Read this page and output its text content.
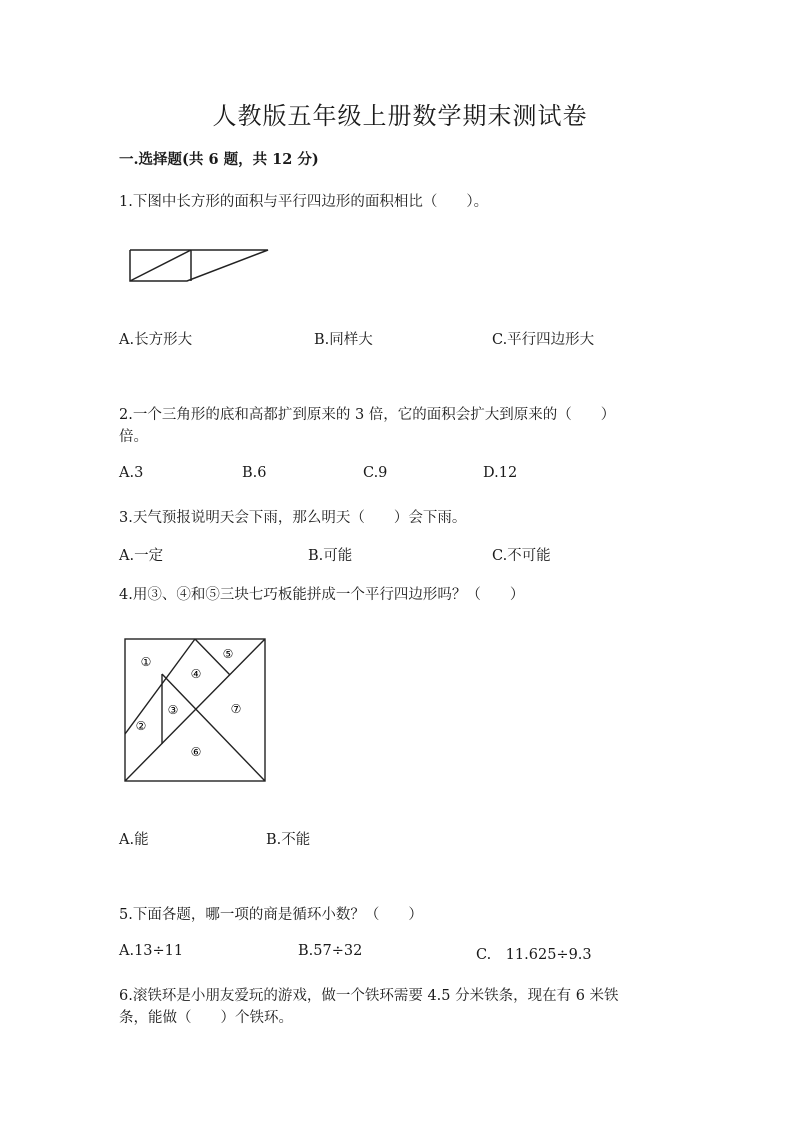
人教版五年级上册数学期末测试卷
一.选择题(共 6 题，共 12 分)
1.下图中长方形的面积与平行四边形的面积相比（　　）。
A.长方形大	B.同样大	C.平行四边形大
2.一个三角形的底和高都扩到原来的 3 倍，它的面积会扩大到原来的（　　）
倍。
A.3	B.6	C.9	D.12
3.天气预报说明天会下雨，那么明天（　　）会下雨。
A.一定	B.可能	C.不可能
4.用③、④和⑤三块七巧板能拼成一个平行四边形吗？（　　）
①
②
③
④
⑤
⑥
⑦
A.能	B.不能
5.下面各题，哪一项的商是循环小数？（　　）
A.13÷11	B.57÷32	C.　11.625÷9.3
6.滚铁环是小朋友爱玩的游戏，做一个铁环需要 4.5 分米铁条，现在有 6 米铁
条，能做（　　）个铁环。
